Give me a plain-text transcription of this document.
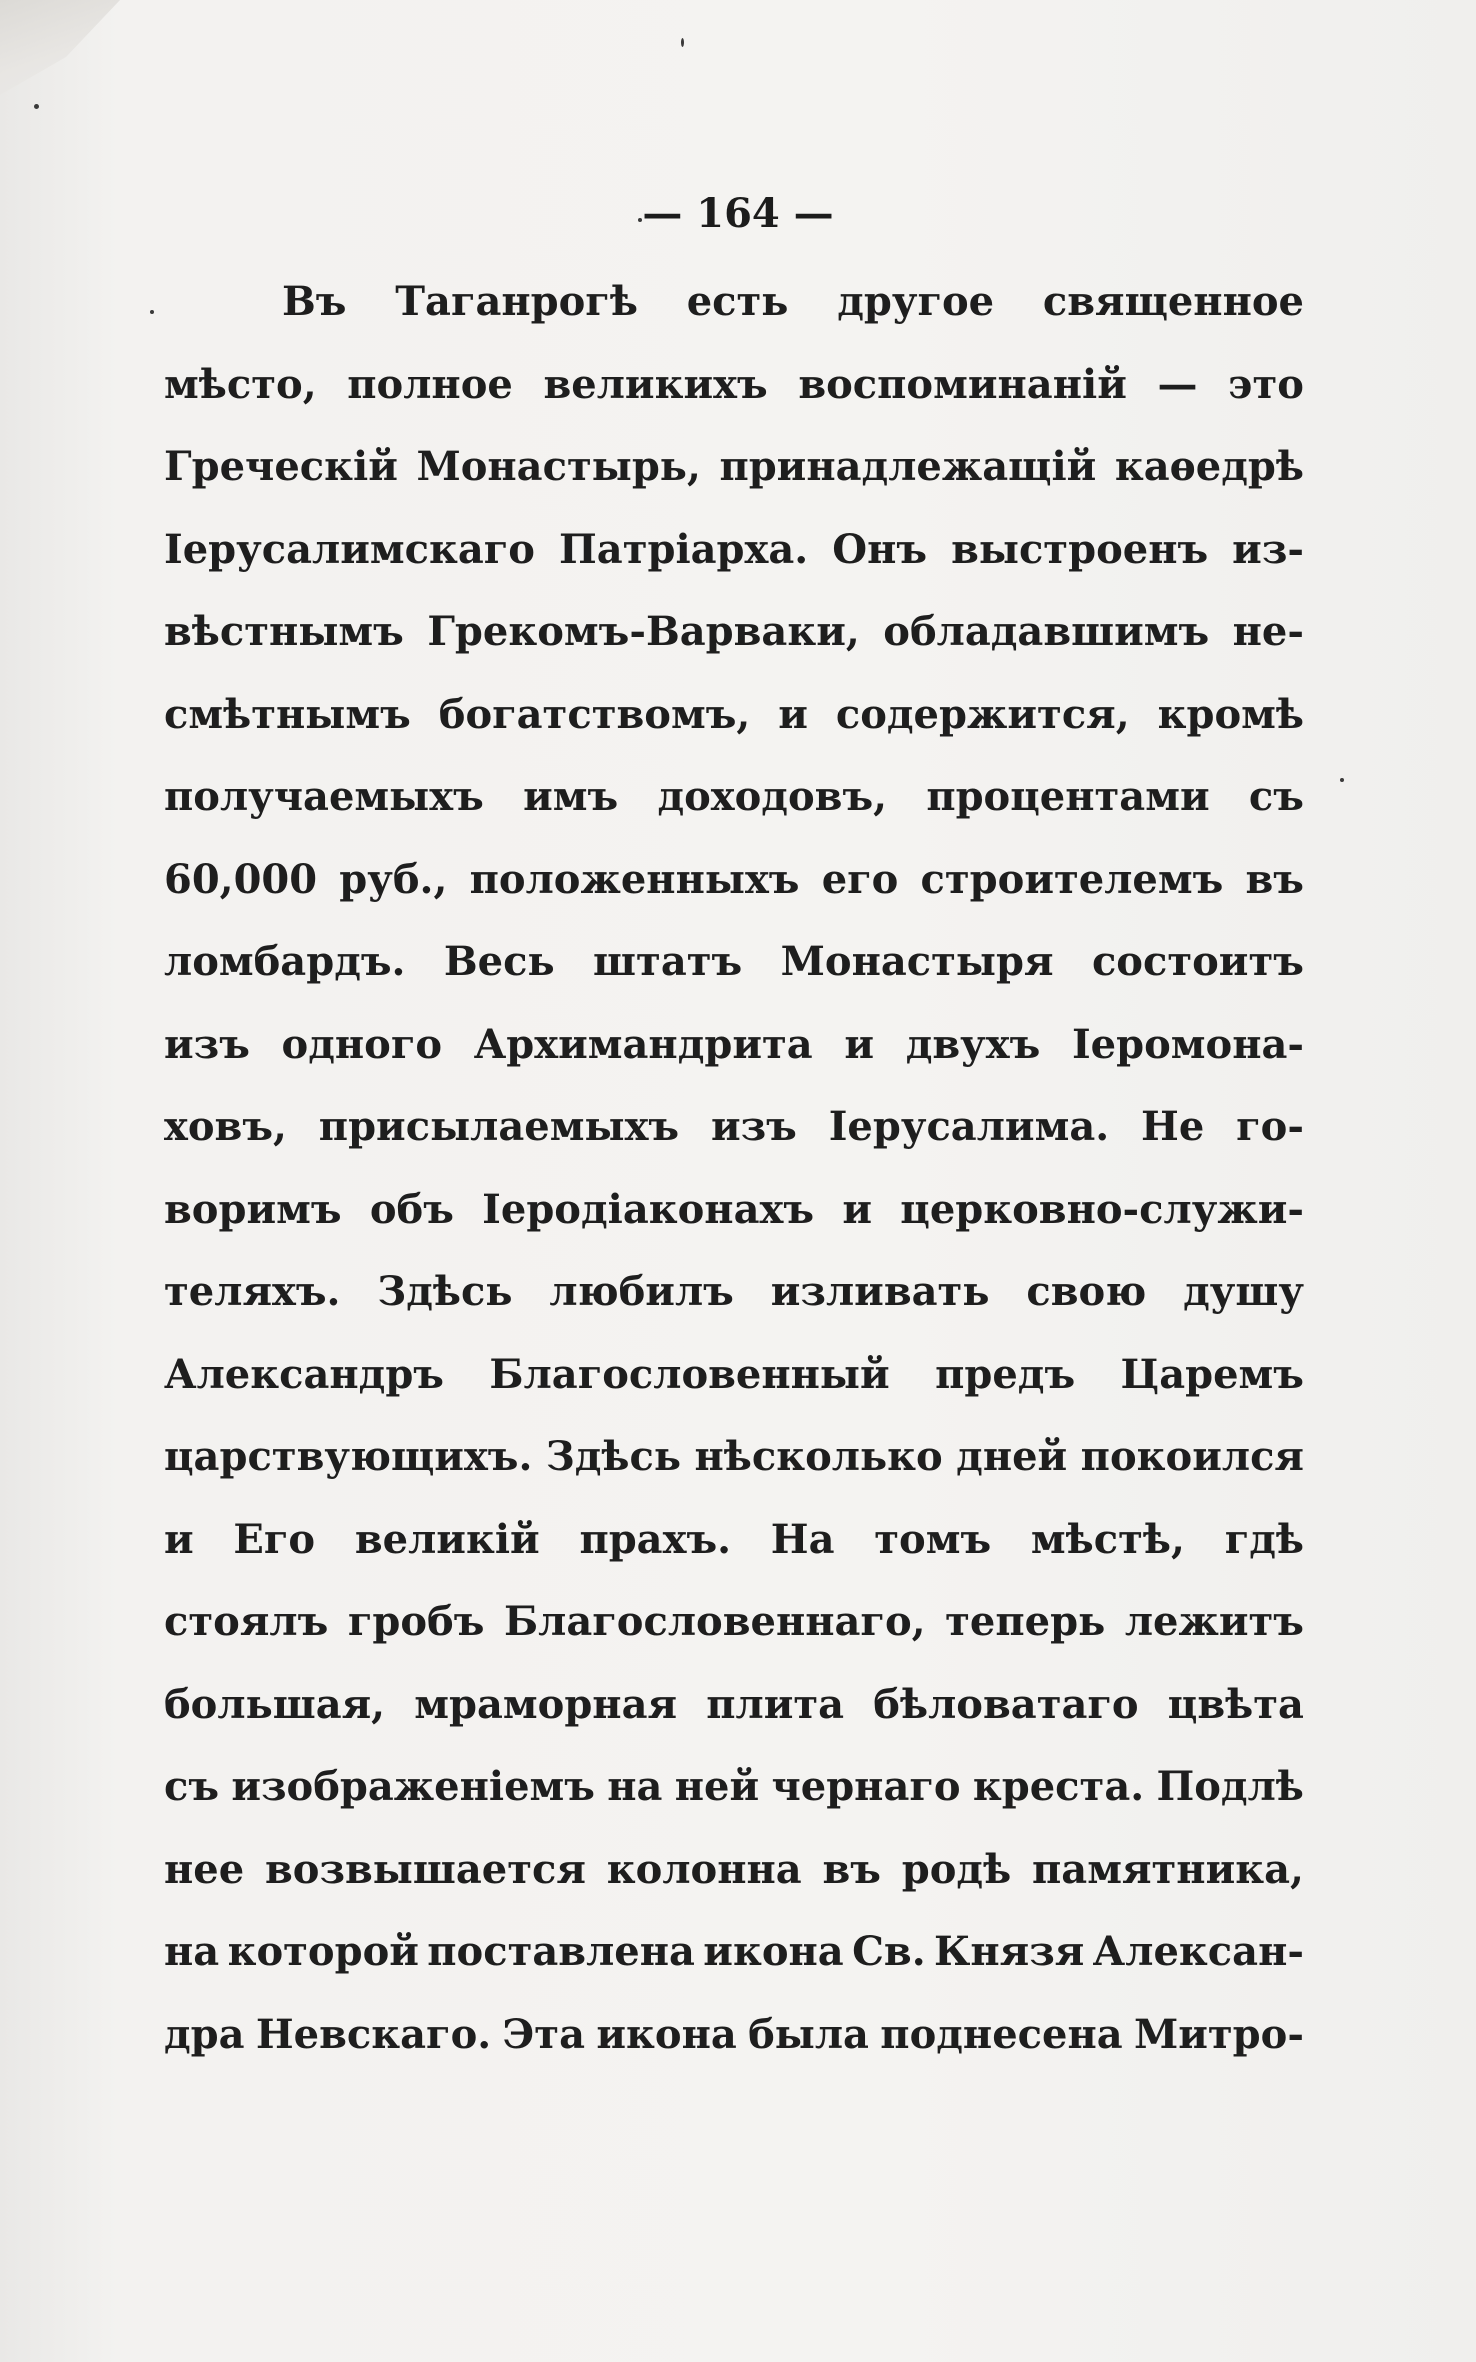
— 164 —
Въ Таганрогѣ есть другое священное
мѣсто, полное великихъ воспоминанiй — это
Греческiй Монастырь, принадлежащiй каѳедрѣ
Iерусалимскаго Патрiарха. Онъ выстроенъ из-
вѣстнымъ Грекомъ-Варваки, обладавшимъ не-
смѣтнымъ богатствомъ, и содержится, кромѣ
получаемыхъ имъ доходовъ, процентами съ
60,000 руб., положенныхъ его строителемъ въ
ломбардъ. Весь штатъ Монастыря состоитъ
изъ одного Архимандрита и двухъ Iеромона-
ховъ, присылаемыхъ изъ Iерусалима. Не го-
воримъ объ Iеродiаконахъ и церковно-служи-
теляхъ. Здѣсь любилъ изливать свою душу
Александръ Благословенный предъ Царемъ
царствующихъ. Здѣсь нѣсколько дней покоился
и Его великiй прахъ. На томъ мѣстѣ, гдѣ
стоялъ гробъ Благословеннаго, теперь лежитъ
большая, мраморная плита бѣловатаго цвѣта
съ изображенiемъ на ней чернаго креста. Подлѣ
нее возвышается колонна въ родѣ памятника,
на которой поставлена икона Св. Князя Алексан-
дра Невскаго. Эта икона была поднесена Митро-
